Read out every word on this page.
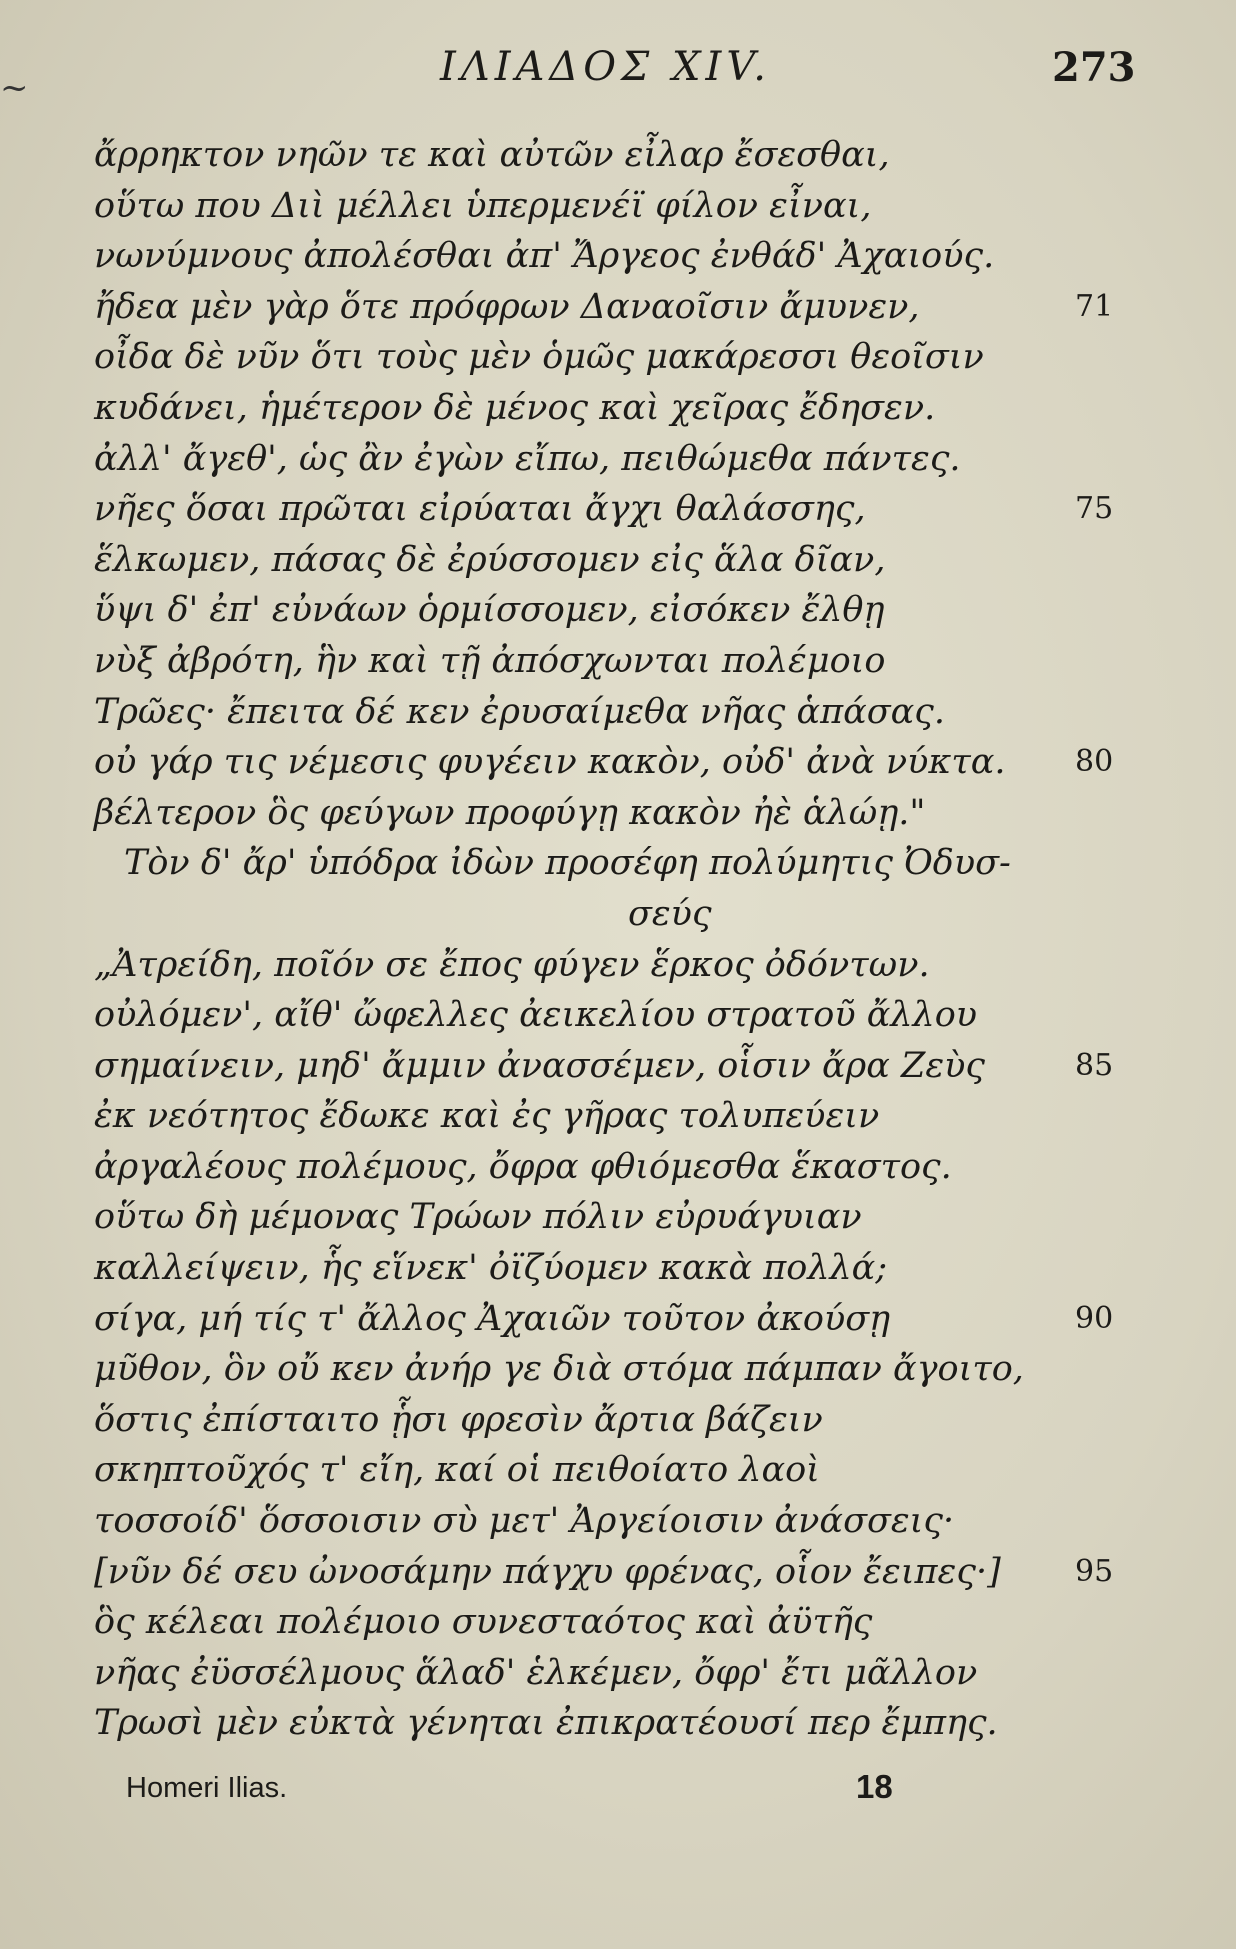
~	ΙΛΙΑΔΟΣ XIV.	273
ἄρρηκτον νηῶν τε καὶ αὐτῶν εἶλαρ ἔσεσθαι,
οὕτω που Διὶ μέλλει ὑπερμενέϊ φίλον εἶναι,
νωνύμνους ἀπολέσθαι ἀπ' Ἄργεος ἐνθάδ' Ἀχαιούς.
ἤδεα μὲν γὰρ ὅτε πρόφρων Δαναοῖσιν ἄμυνεν,	71
οἶδα δὲ νῦν ὅτι τοὺς μὲν ὁμῶς μακάρεσσι θεοῖσιν
κυδάνει, ἡμέτερον δὲ μένος καὶ χεῖρας ἔδησεν.
ἀλλ' ἄγεθ', ὡς ἂν ἐγὼν εἴπω, πειθώμεθα πάντες.
νῆες ὅσαι πρῶται εἰρύαται ἄγχι θαλάσσης,	75
ἕλκωμεν, πάσας δὲ ἐρύσσομεν εἰς ἅλα δῖαν,
ὕψι δ' ἐπ' εὐνάων ὁρμίσσομεν, εἰσόκεν ἔλθῃ
νὺξ ἀβρότη, ἣν καὶ τῇ ἀπόσχωνται πολέμοιο
Τρῶες· ἔπειτα δέ κεν ἐρυσαίμεθα νῆας ἁπάσας.
οὐ γάρ τις νέμεσις φυγέειν κακὸν, οὐδ' ἀνὰ νύκτα. 80
βέλτερον ὃς φεύγων προφύγῃ κακὸν ἠὲ ἁλώῃ."
Τὸν δ' ἄρ' ὑπόδρα ἰδὼν προσέφη πολύμητις Ὀδυσ-
σεύς
„Ἀτρείδη, ποῖόν σε ἔπος φύγεν ἕρκος ὀδόντων.
οὐλόμεν', αἴθ' ὤφελλες ἀεικελίου στρατοῦ ἄλλου
σημαίνειν, μηδ' ἄμμιν ἀνασσέμεν, οἷσιν ἄρα Ζεὺς	85
ἐκ νεότητος ἔδωκε καὶ ἐς γῆρας τολυπεύειν
ἀργαλέους πολέμους, ὄφρα φθιόμεσθα ἕκαστος.
οὕτω δὴ μέμονας Τρώων πόλιν εὐρυάγυιαν
καλλείψειν, ἧς εἵνεκ' ὀϊζύομεν κακὰ πολλά;
σίγα, μή τίς τ' ἄλλος Ἀχαιῶν τοῦτον ἀκούσῃ	90
μῦθον, ὃν οὔ κεν ἀνήρ γε διὰ στόμα πάμπαν ἄγοιτο,
ὅστις ἐπίσταιτο ᾗσι φρεσὶν ἄρτια βάζειν
σκηπτοῦχός τ' εἴη, καί οἱ πειθοίατο λαοὶ
τοσσοίδ' ὅσσοισιν σὺ μετ' Ἀργείοισιν ἀνάσσεις·
[νῦν δέ σευ ὠνοσάμην πάγχυ φρένας, οἷον ἔειπες·] 95
ὃς κέλεαι πολέμοιο συνεσταότος καὶ ἀϋτῆς
νῆας ἐϋσσέλμους ἅλαδ' ἑλκέμεν, ὄφρ' ἔτι μᾶλλον
Τρωσὶ μὲν εὐκτὰ γένηται ἐπικρατέουσί περ ἔμπης.
Homeri Ilias.	18
